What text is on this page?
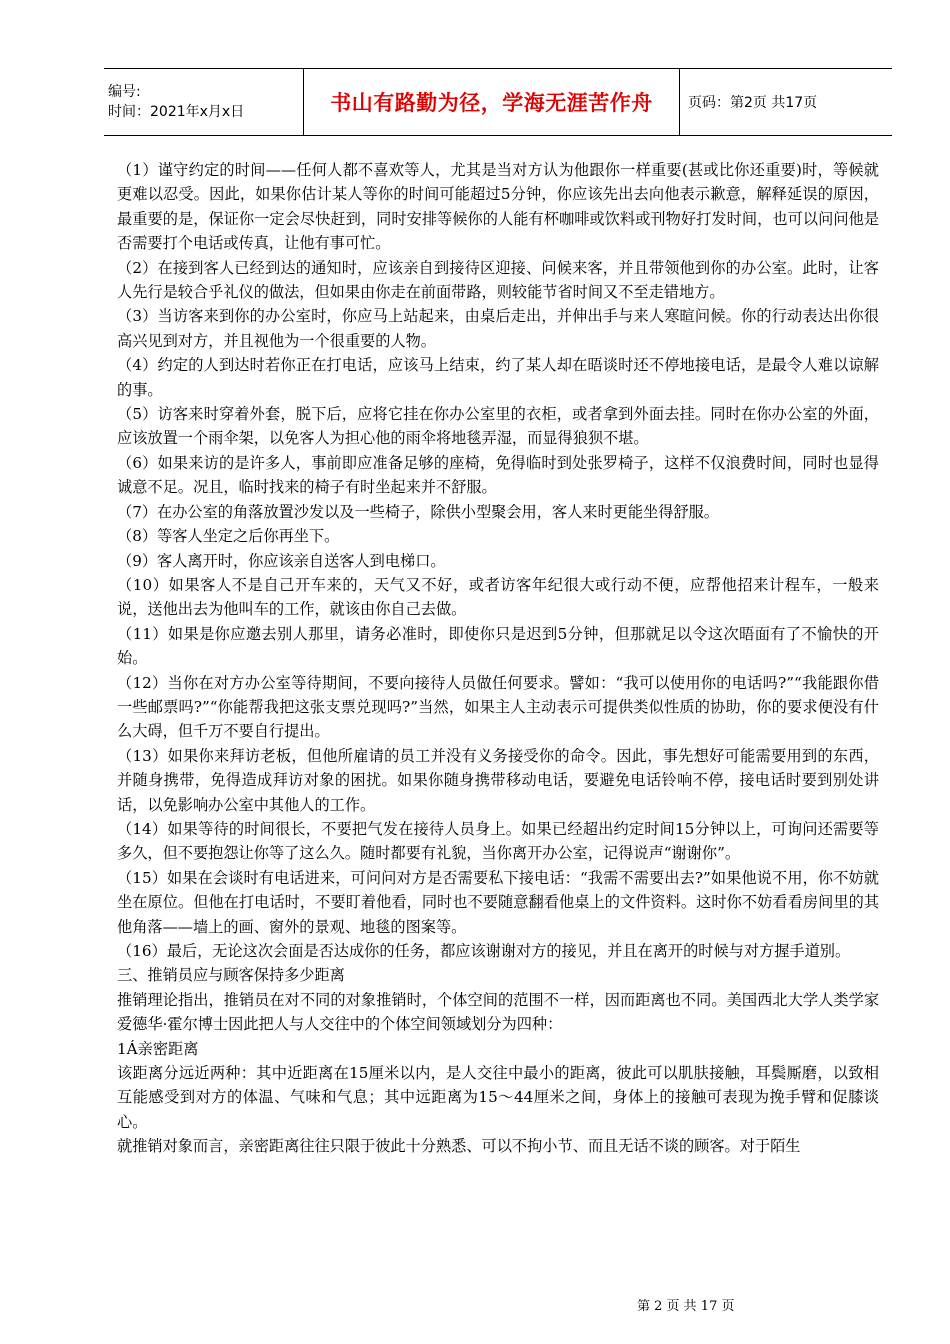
编号:
时间：2021年x月x日	书山有路勤为径，学海无涯苦作舟	页码：第2页 共17页

（1）谨守约定的时间——任何人都不喜欢等人，尤其是当对方认为他跟你一样重要(甚或比你还重要)时，等候就更难以忍受。因此，如果你估计某人等你的时间可能超过5分钟，你应该先出去向他表示歉意，解释延误的原因，最重要的是，保证你一定会尽快赶到，同时安排等候你的人能有杯咖啡或饮料或刊物好打发时间，也可以问问他是否需要打个电话或传真，让他有事可忙。

（2）在接到客人已经到达的通知时，应该亲自到接待区迎接、问候来客，并且带领他到你的办公室。此时，让客人先行是较合乎礼仪的做法，但如果由你走在前面带路，则较能节省时间又不至走错地方。

（3）当访客来到你的办公室时，你应马上站起来，由桌后走出，并伸出手与来人寒暄问候。你的行动表达出你很高兴见到对方，并且视他为一个很重要的人物。

（4）约定的人到达时若你正在打电话，应该马上结束，约了某人却在晤谈时还不停地接电话，是最令人难以谅解的事。

（5）访客来时穿着外套，脱下后，应将它挂在你办公室里的衣柜，或者拿到外面去挂。同时在你办公室的外面，应该放置一个雨伞架，以免客人为担心他的雨伞将地毯弄湿，而显得狼狈不堪。

（6）如果来访的是许多人，事前即应准备足够的座椅，免得临时到处张罗椅子，这样不仅浪费时间，同时也显得诚意不足。况且，临时找来的椅子有时坐起来并不舒服。

（7）在办公室的角落放置沙发以及一些椅子，除供小型聚会用，客人来时更能坐得舒服。

（8）等客人坐定之后你再坐下。

（9）客人离开时，你应该亲自送客人到电梯口。

（10）如果客人不是自己开车来的，天气又不好，或者访客年纪很大或行动不便，应帮他招来计程车，一般来说，送他出去为他叫车的工作，就该由你自己去做。

（11）如果是你应邀去别人那里，请务必准时，即使你只是迟到5分钟，但那就足以令这次晤面有了不愉快的开始。

（12）当你在对方办公室等待期间，不要向接待人员做任何要求。譬如：“我可以使用你的电话吗?”“我能跟你借一些邮票吗?”“你能帮我把这张支票兑现吗?”当然，如果主人主动表示可提供类似性质的协助，你的要求便没有什么大碍，但千万不要自行提出。

（13）如果你来拜访老板，但他所雇请的员工并没有义务接受你的命令。因此，事先想好可能需要用到的东西，并随身携带，免得造成拜访对象的困扰。如果你随身携带移动电话，要避免电话铃响不停，接电话时要到别处讲话，以免影响办公室中其他人的工作。

（14）如果等待的时间很长，不要把气发在接待人员身上。如果已经超出约定时间15分钟以上，可询问还需要等多久，但不要抱怨让你等了这么久。随时都要有礼貌，当你离开办公室，记得说声“谢谢你”。

（15）如果在会谈时有电话进来，可问问对方是否需要私下接电话：“我需不需要出去?”如果他说不用，你不妨就坐在原位。但他在打电话时，不要盯着他看，同时也不要随意翻看他桌上的文件资料。这时你不妨看看房间里的其他角落——墙上的画、窗外的景观、地毯的图案等。

（16）最后，无论这次会面是否达成你的任务，都应该谢谢对方的接见，并且在离开的时候与对方握手道别。

三、推销员应与顾客保持多少距离

推销理论指出，推销员在对不同的对象推销时，个体空间的范围不一样，因而距离也不同。美国西北大学人类学家爱德华·霍尔博士因此把人与人交往中的个体空间领域划分为四种：

1Á亲密距离

该距离分远近两种：其中近距离在15厘米以内，是人交往中最小的距离，彼此可以肌肤接触，耳鬓厮磨，以致相互能感受到对方的体温、气味和气息；其中远距离为15～44厘米之间，身体上的接触可表现为挽手臂和促膝谈心。

就推销对象而言，亲密距离往往只限于彼此十分熟悉、可以不拘小节、而且无话不谈的顾客。对于陌生

第 2 页 共 17 页
